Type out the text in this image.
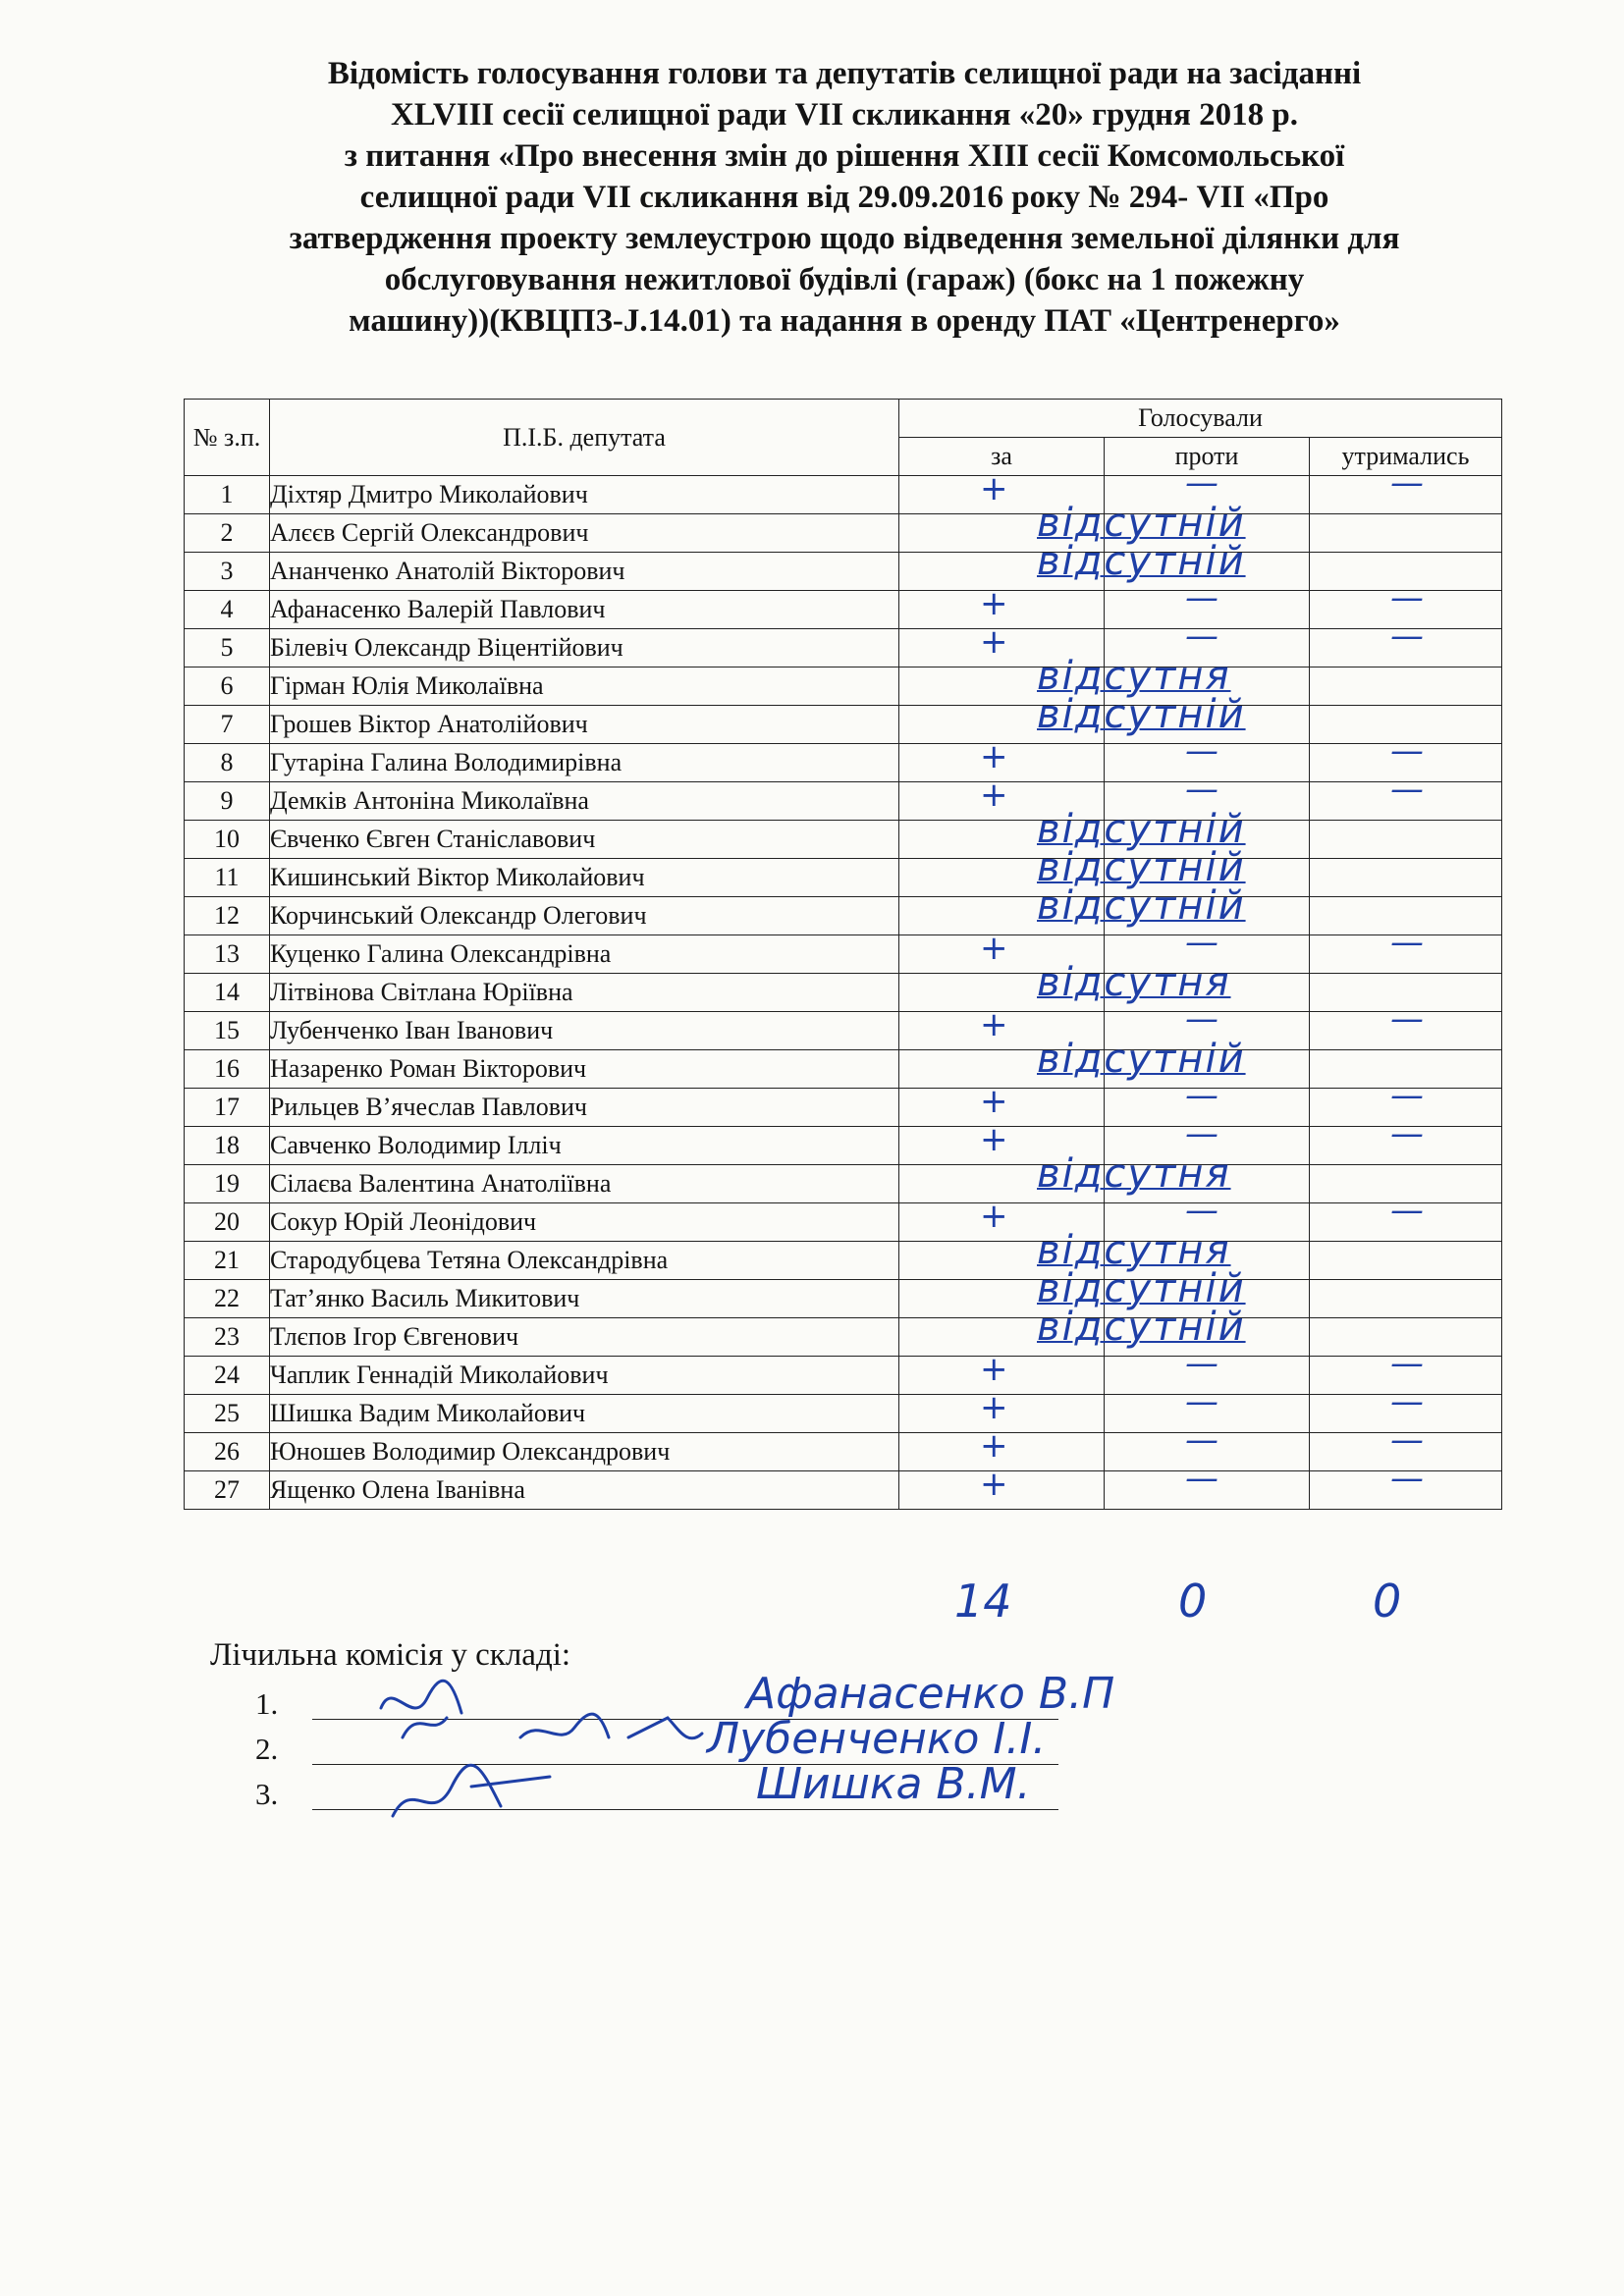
Відомість голосування голови та депутатів селищної ради на засіданні
XLVIII сесії селищної ради VII скликання «20» грудня 2018 р.
з питання «Про внесення змін до рішення XIII сесії Комсомольської
селищної ради VII скликання від 29.09.2016 року № 294- VII «Про
затвердження проекту землеустрою щодо відведення земельної ділянки для
обслуговування нежитлової будівлі (гараж) (бокс на 1 пожежну
машину))(КВЦПЗ-J.14.01) та надання в оренду ПАТ «Центренерго»
№ з.п.	П.І.Б. депутата	Голосували		
		за	проти	утримались
1	Діхтяр Дмитро Миколайович	+	—	—

2	Алєєв Сергій Олександрович	відсутній		

3	Ананченко Анатолій Вікторович	відсутній		

4	Афанасенко Валерій Павлович	+	—	—

5	Білевіч Олександр Віцентійович	+	—	—

6	Гірман Юлія Миколаївна	відсутня		

7	Грошев Віктор Анатолійович	відсутній		

8	Гутаріна Галина Володимирівна	+	—	—

9	Демків Антоніна Миколаївна	+	—	—

10	Євченко Євген Станіславович	відсутній		

11	Кишинський Віктор Миколайович	відсутній		

12	Корчинський Олександр Олегович	відсутній		

13	Куценко Галина Олександрівна	+	—	—

14	Літвінова Світлана Юріївна	відсутня		

15	Лубенченко Іван Іванович	+	—	—

16	Назаренко Роман Вікторович	відсутній		

17	Рильцев В’ячеслав Павлович	+	—	—

18	Савченко Володимир Ілліч	+	—	—

19	Сілаєва Валентина Анатоліївна	відсутня		

20	Сокур Юрій Леонідович	+	—	—

21	Стародубцева Тетяна Олександрівна	відсутня		

22	Тат’янко Василь Микитович	відсутній		

23	Тлєпов Ігор Євгенович	відсутній		

24	Чаплик Геннадій Миколайович	+	—	—

25	Шишка Вадим Миколайович	+	—	—

26	Юношев Володимир Олександрович	+	—	—

27	Ященко Олена Іванівна	+	—	—
14	0	0
Лічильна комісія у складі:
1.
2.
3.
Афанасенко В.П
Лубенченко І.І.
Шишка В.М.
